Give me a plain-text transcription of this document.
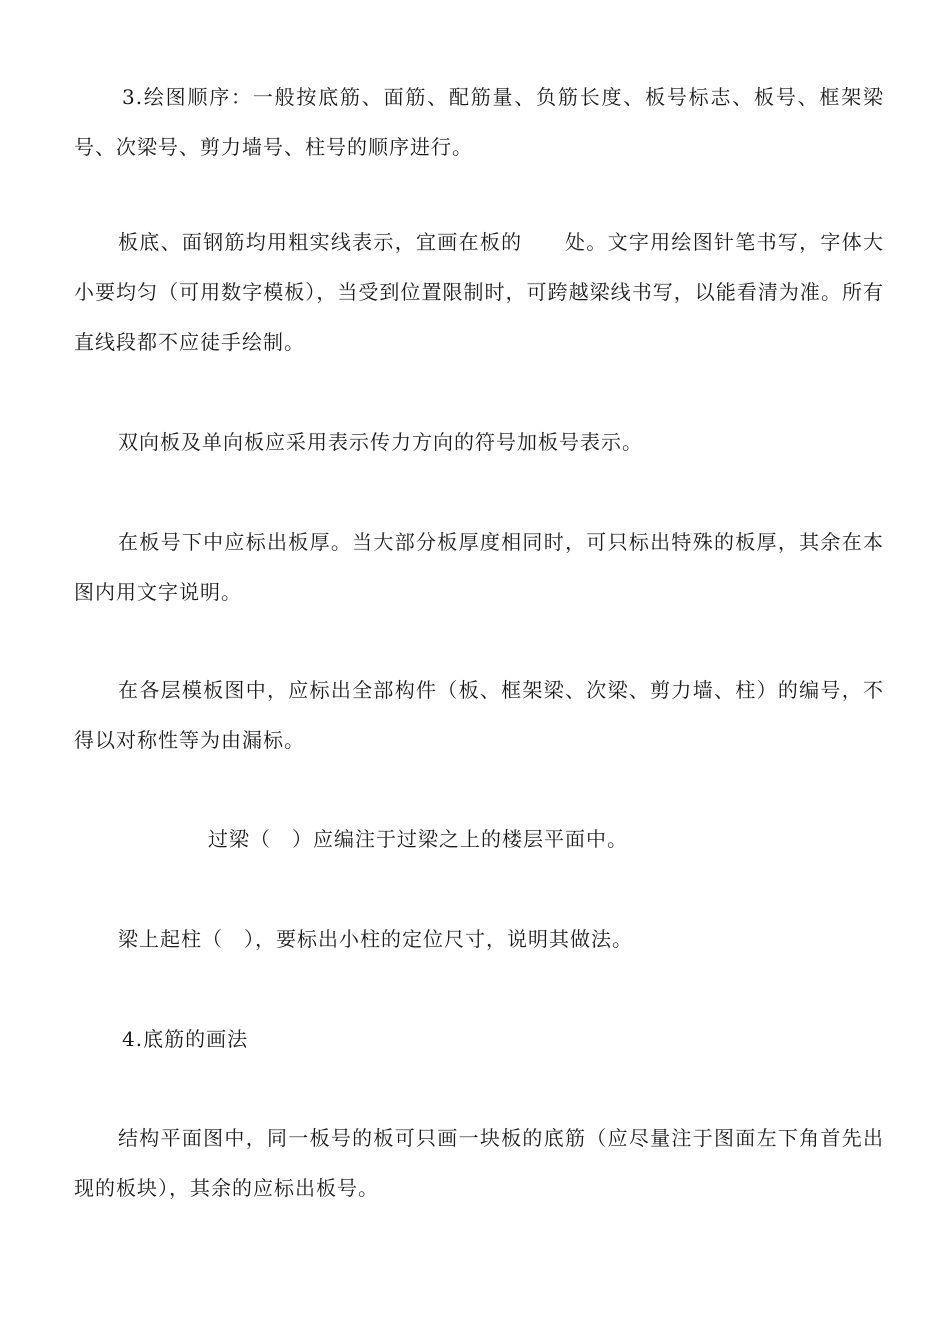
3.绘图顺序：一般按底筋、面筋、配筋量、负筋长度、板号标志、板号、框架梁号、次梁号、剪力墙号、柱号的顺序进行。

板底、面钢筋均用粗实线表示，宜画在板的　　处。文字用绘图针笔书写，字体大小要均匀（可用数字模板），当受到位置限制时，可跨越梁线书写，以能看清为准。所有直线段都不应徒手绘制。

双向板及单向板应采用表示传力方向的符号加板号表示。

在板号下中应标出板厚。当大部分板厚度相同时，可只标出特殊的板厚，其余在本图内用文字说明。

在各层模板图中，应标出全部构件（板、框架梁、次梁、剪力墙、柱）的编号，不得以对称性等为由漏标。

过梁（　）应编注于过梁之上的楼层平面中。

梁上起柱（　），要标出小柱的定位尺寸，说明其做法。

4.底筋的画法

结构平面图中，同一板号的板可只画一块板的底筋（应尽量注于图面左下角首先出现的板块），其余的应标出板号。
